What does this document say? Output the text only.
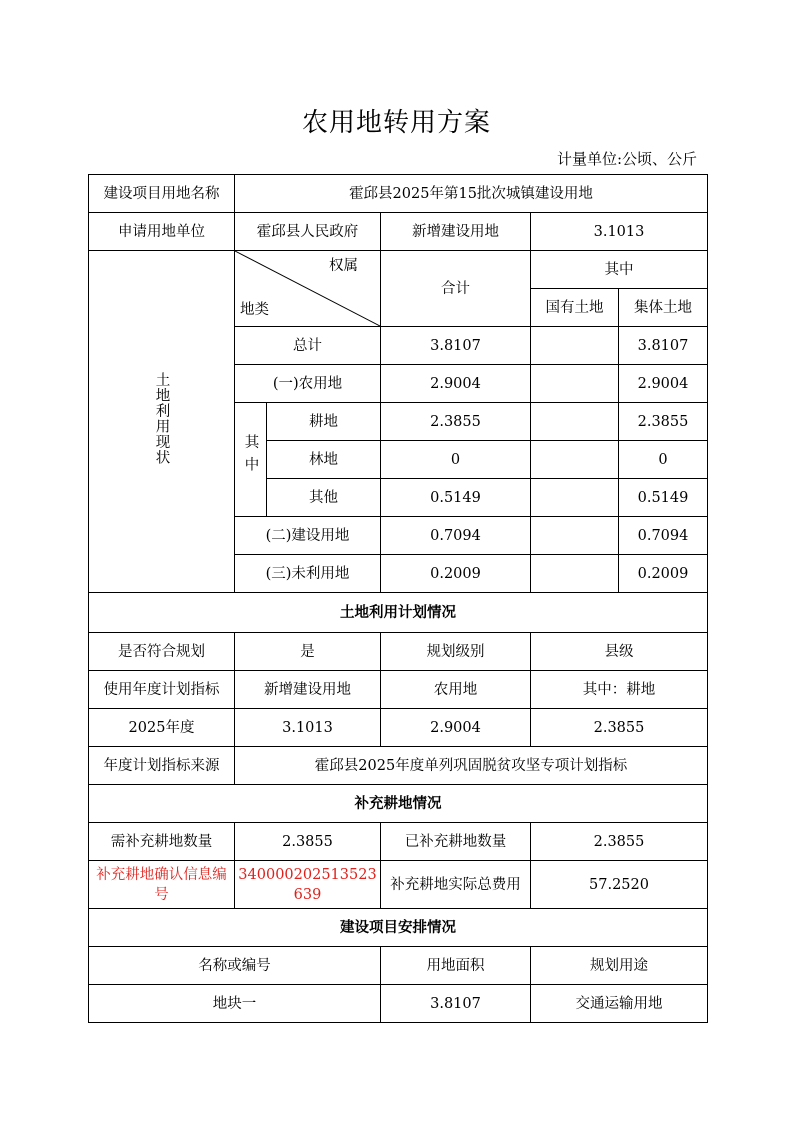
农用地转用方案
计量单位:公顷、公斤
建设项目用地名称	霍邱县2025年第15批次城镇建设用地				
申请用地单位	霍邱县人民政府		新增建设用地	3.1013	
土地利用现状	权属
地类		合计	其中	
				国有土地	集体土地
	总计		3.8107		3.8107
	(一)农用地		2.9004		2.9004
	其中	耕地	2.3855		2.3855
		林地	0		0
		其他	0.5149		0.5149
	(二)建设用地		0.7094		0.7094
	(三)未利用地		0.2009		0.2009
土地利用计划情况					
是否符合规划	是		规划级别	县级	
使用年度计划指标	新增建设用地		农用地	其中：耕地	
2025年度	3.1013		2.9004	2.3855	
年度计划指标来源	霍邱县2025年度单列巩固脱贫攻坚专项计划指标				
补充耕地情况					
需补充耕地数量	2.3855		已补充耕地数量	2.3855	
补充耕地确认信息编号	340000202513523639		补充耕地实际总费用	57.2520	
建设项目安排情况					
名称或编号			用地面积	规划用途	
地块一			3.8107	交通运输用地	
